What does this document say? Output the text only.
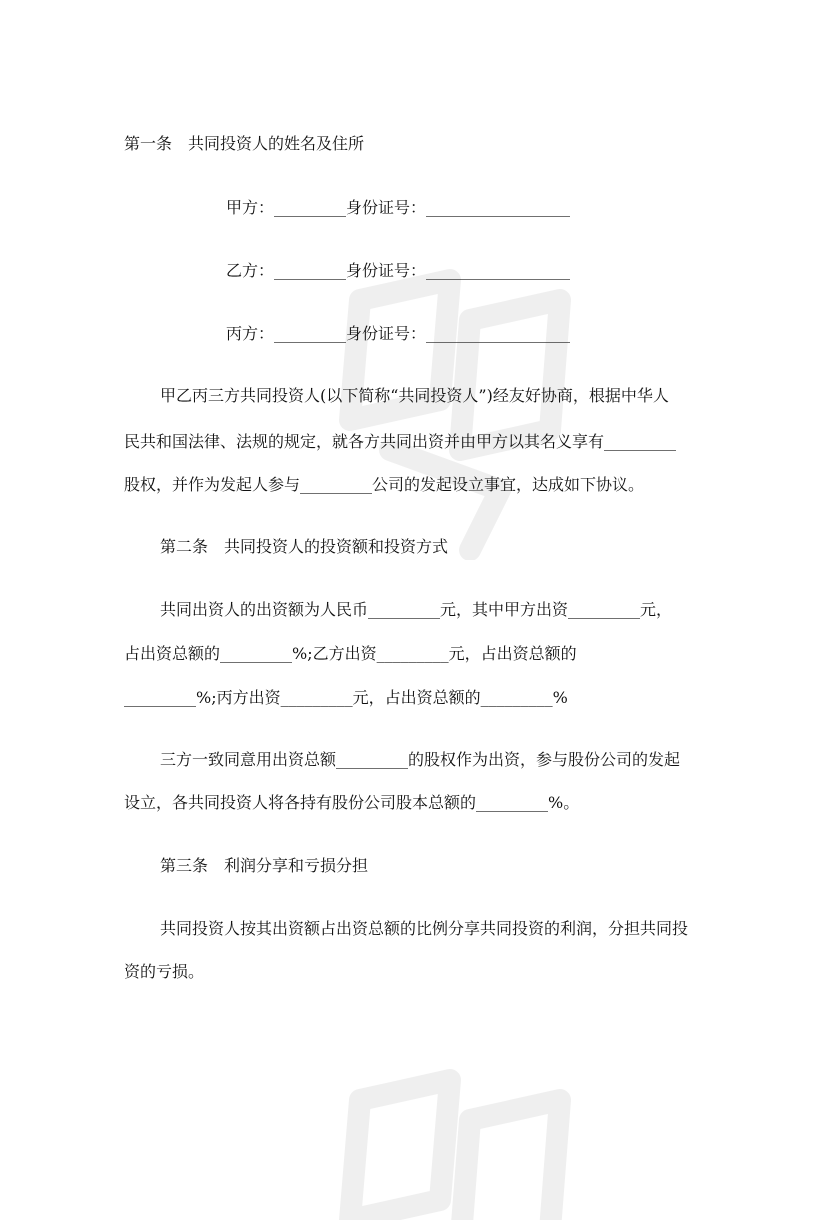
第一条　共同投资人的姓名及住所
甲方：_________身份证号：__________________
乙方：_________身份证号：__________________
丙方：_________身份证号：__________________
甲乙丙三方共同投资人(以下简称“共同投资人”)经友好协商，根据中华人
民共和国法律、法规的规定，就各方共同出资并由甲方以其名义享有_________
股权，并作为发起人参与_________公司的发起设立事宜，达成如下协议。
第二条　共同投资人的投资额和投资方式
共同出资人的出资额为人民币_________元，其中甲方出资_________元，
占出资总额的_________%;乙方出资_________元，占出资总额的
_________%;丙方出资_________元，占出资总额的_________%
三方一致同意用出资总额_________的股权作为出资，参与股份公司的发起
设立，各共同投资人将各持有股份公司股本总额的_________%。
第三条　利润分享和亏损分担
共同投资人按其出资额占出资总额的比例分享共同投资的利润，分担共同投
资的亏损。
